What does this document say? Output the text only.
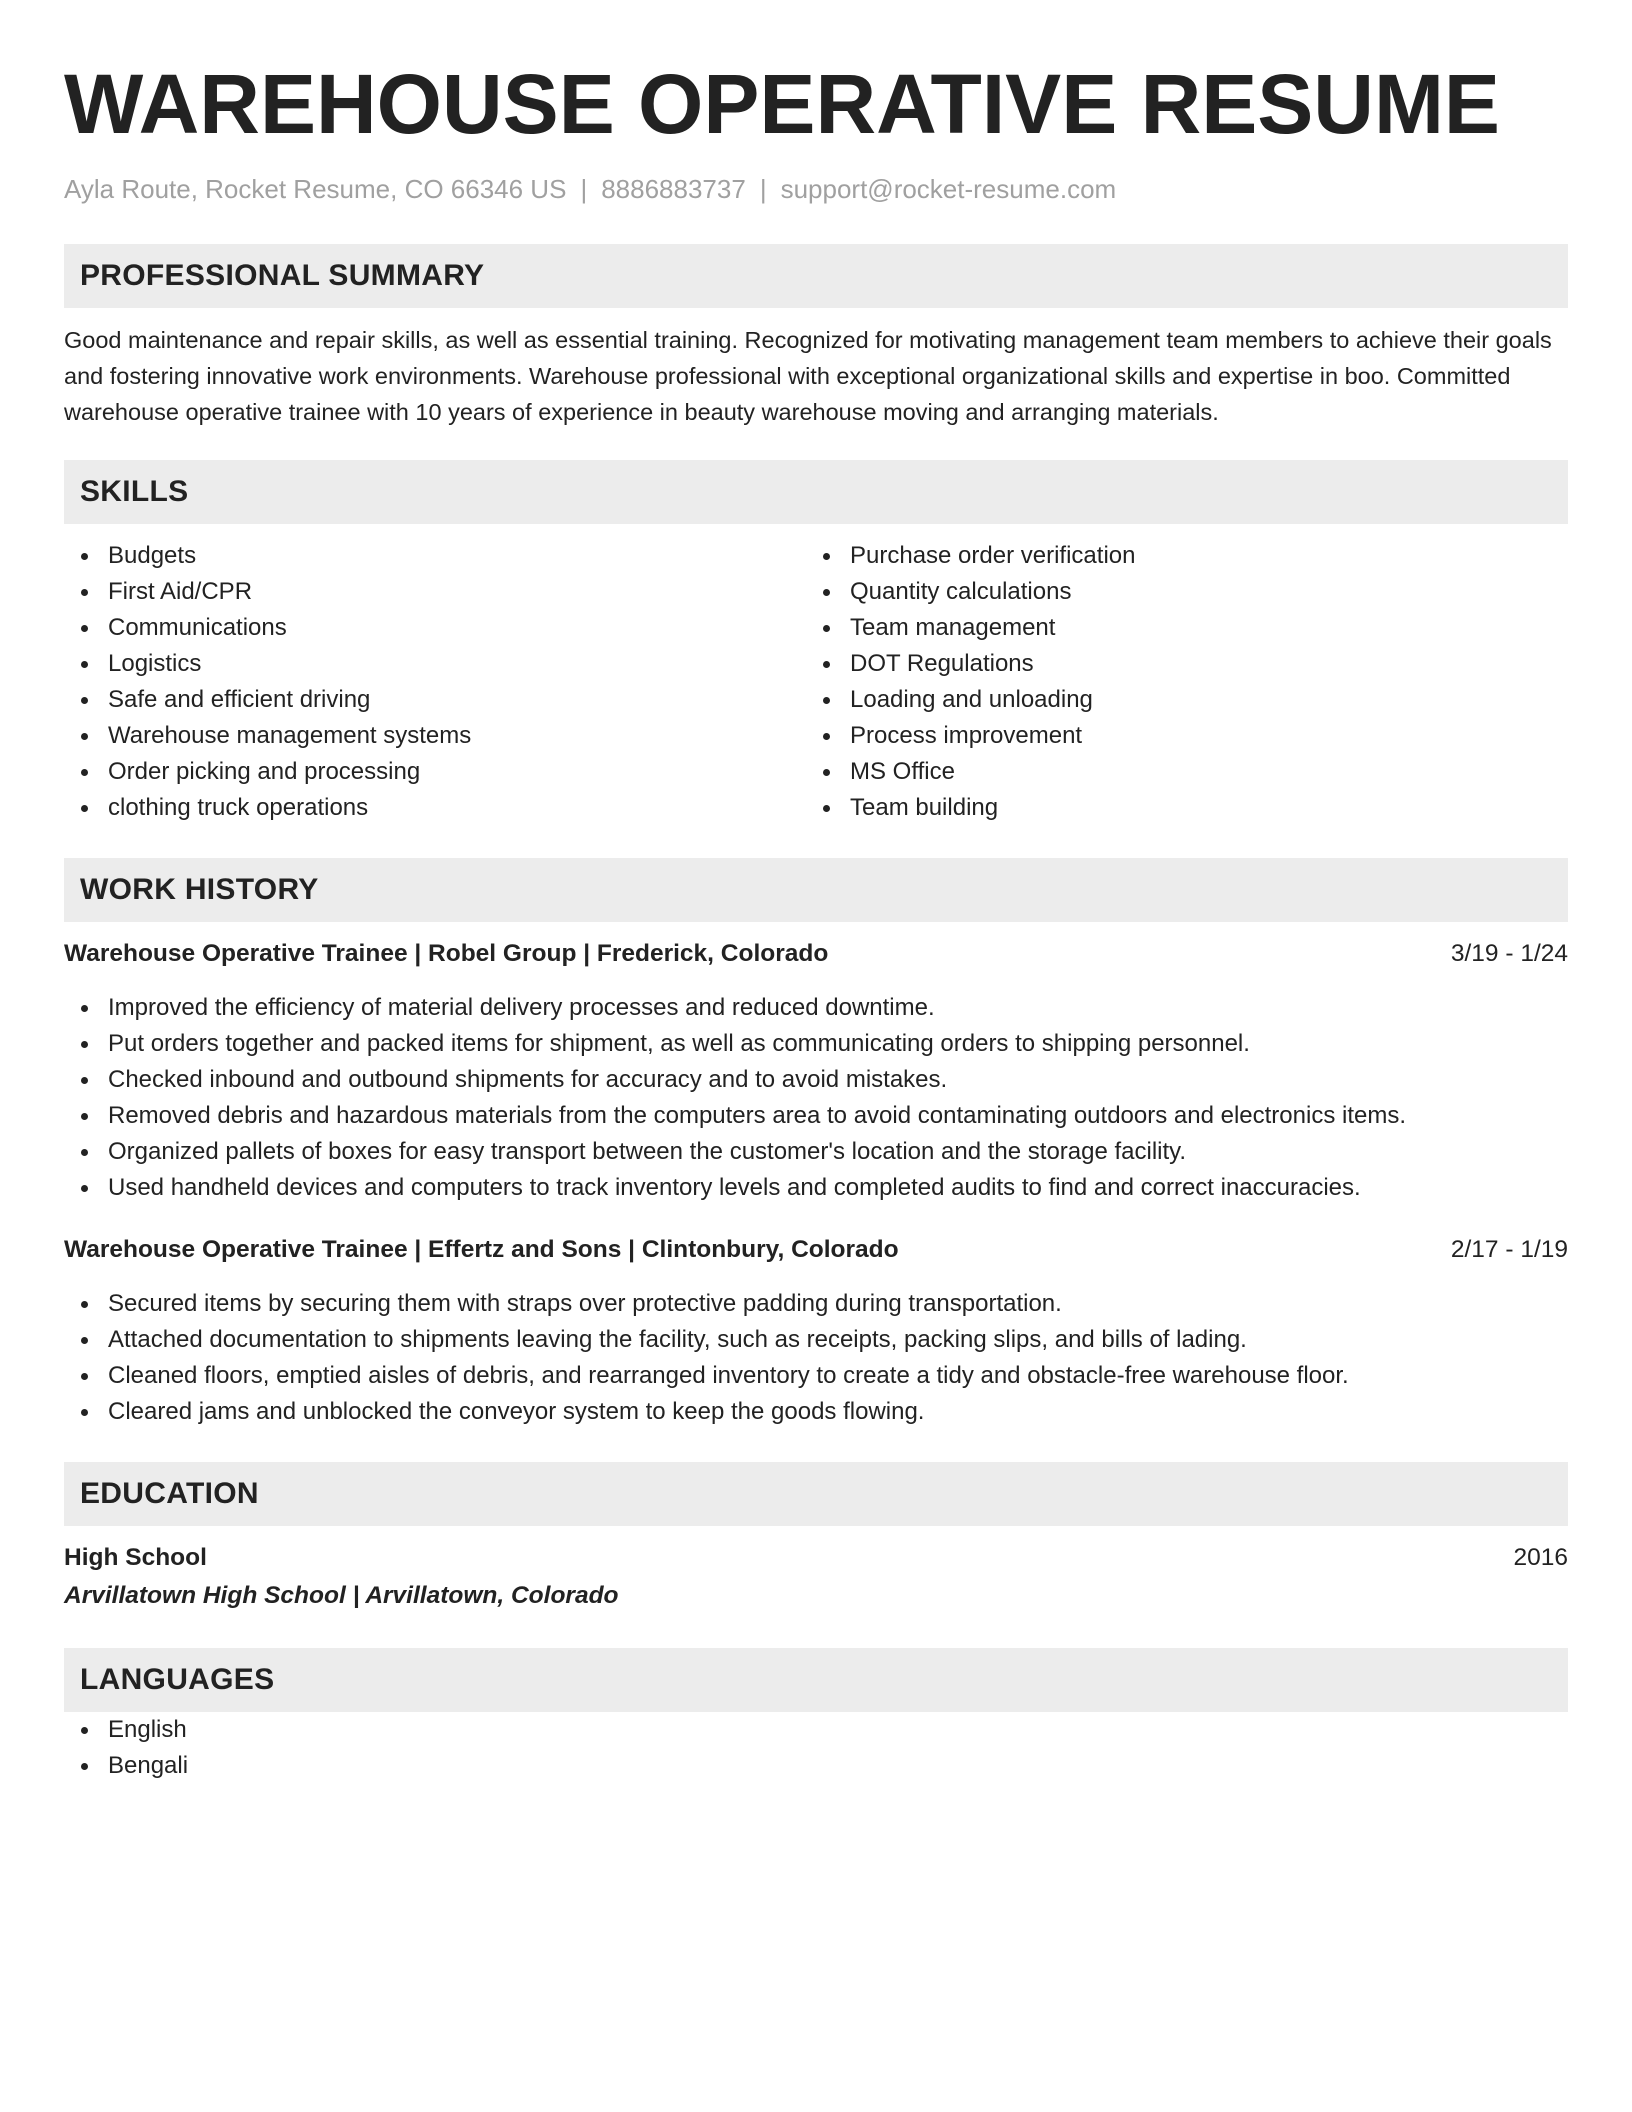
WAREHOUSE OPERATIVE RESUME
Ayla Route, Rocket Resume, CO 66346 US | 8886883737 | support@rocket-resume.com
PROFESSIONAL SUMMARY

Good maintenance and repair skills, as well as essential training. Recognized for motivating management team members to achieve their goals and fostering innovative work environments. Warehouse professional with exceptional organizational skills and expertise in boo. Committed warehouse operative trainee with 10 years of experience in beauty warehouse moving and arranging materials.

SKILLS
Budgets
First Aid/CPR
Communications
Logistics
Safe and efficient driving
Warehouse management systems
Order picking and processing
clothing truck operations
Purchase order verification
Quantity calculations
Team management
DOT Regulations
Loading and unloading
Process improvement
MS Office
Team building
WORK HISTORY
Warehouse Operative Trainee | Robel Group | Frederick, Colorado	3/19 - 1/24
Improved the efficiency of material delivery processes and reduced downtime.
Put orders together and packed items for shipment, as well as communicating orders to shipping personnel.
Checked inbound and outbound shipments for accuracy and to avoid mistakes.
Removed debris and hazardous materials from the computers area to avoid contaminating outdoors and electronics items.
Organized pallets of boxes for easy transport between the customer's location and the storage facility.
Used handheld devices and computers to track inventory levels and completed audits to find and correct inaccuracies.
Warehouse Operative Trainee | Effertz and Sons | Clintonbury, Colorado	2/17 - 1/19
Secured items by securing them with straps over protective padding during transportation.
Attached documentation to shipments leaving the facility, such as receipts, packing slips, and bills of lading.
Cleaned floors, emptied aisles of debris, and rearranged inventory to create a tidy and obstacle-free warehouse floor.
Cleared jams and unblocked the conveyor system to keep the goods flowing.
EDUCATION
High School	2016
Arvillatown High School | Arvillatown, Colorado
LANGUAGES
English
Bengali
